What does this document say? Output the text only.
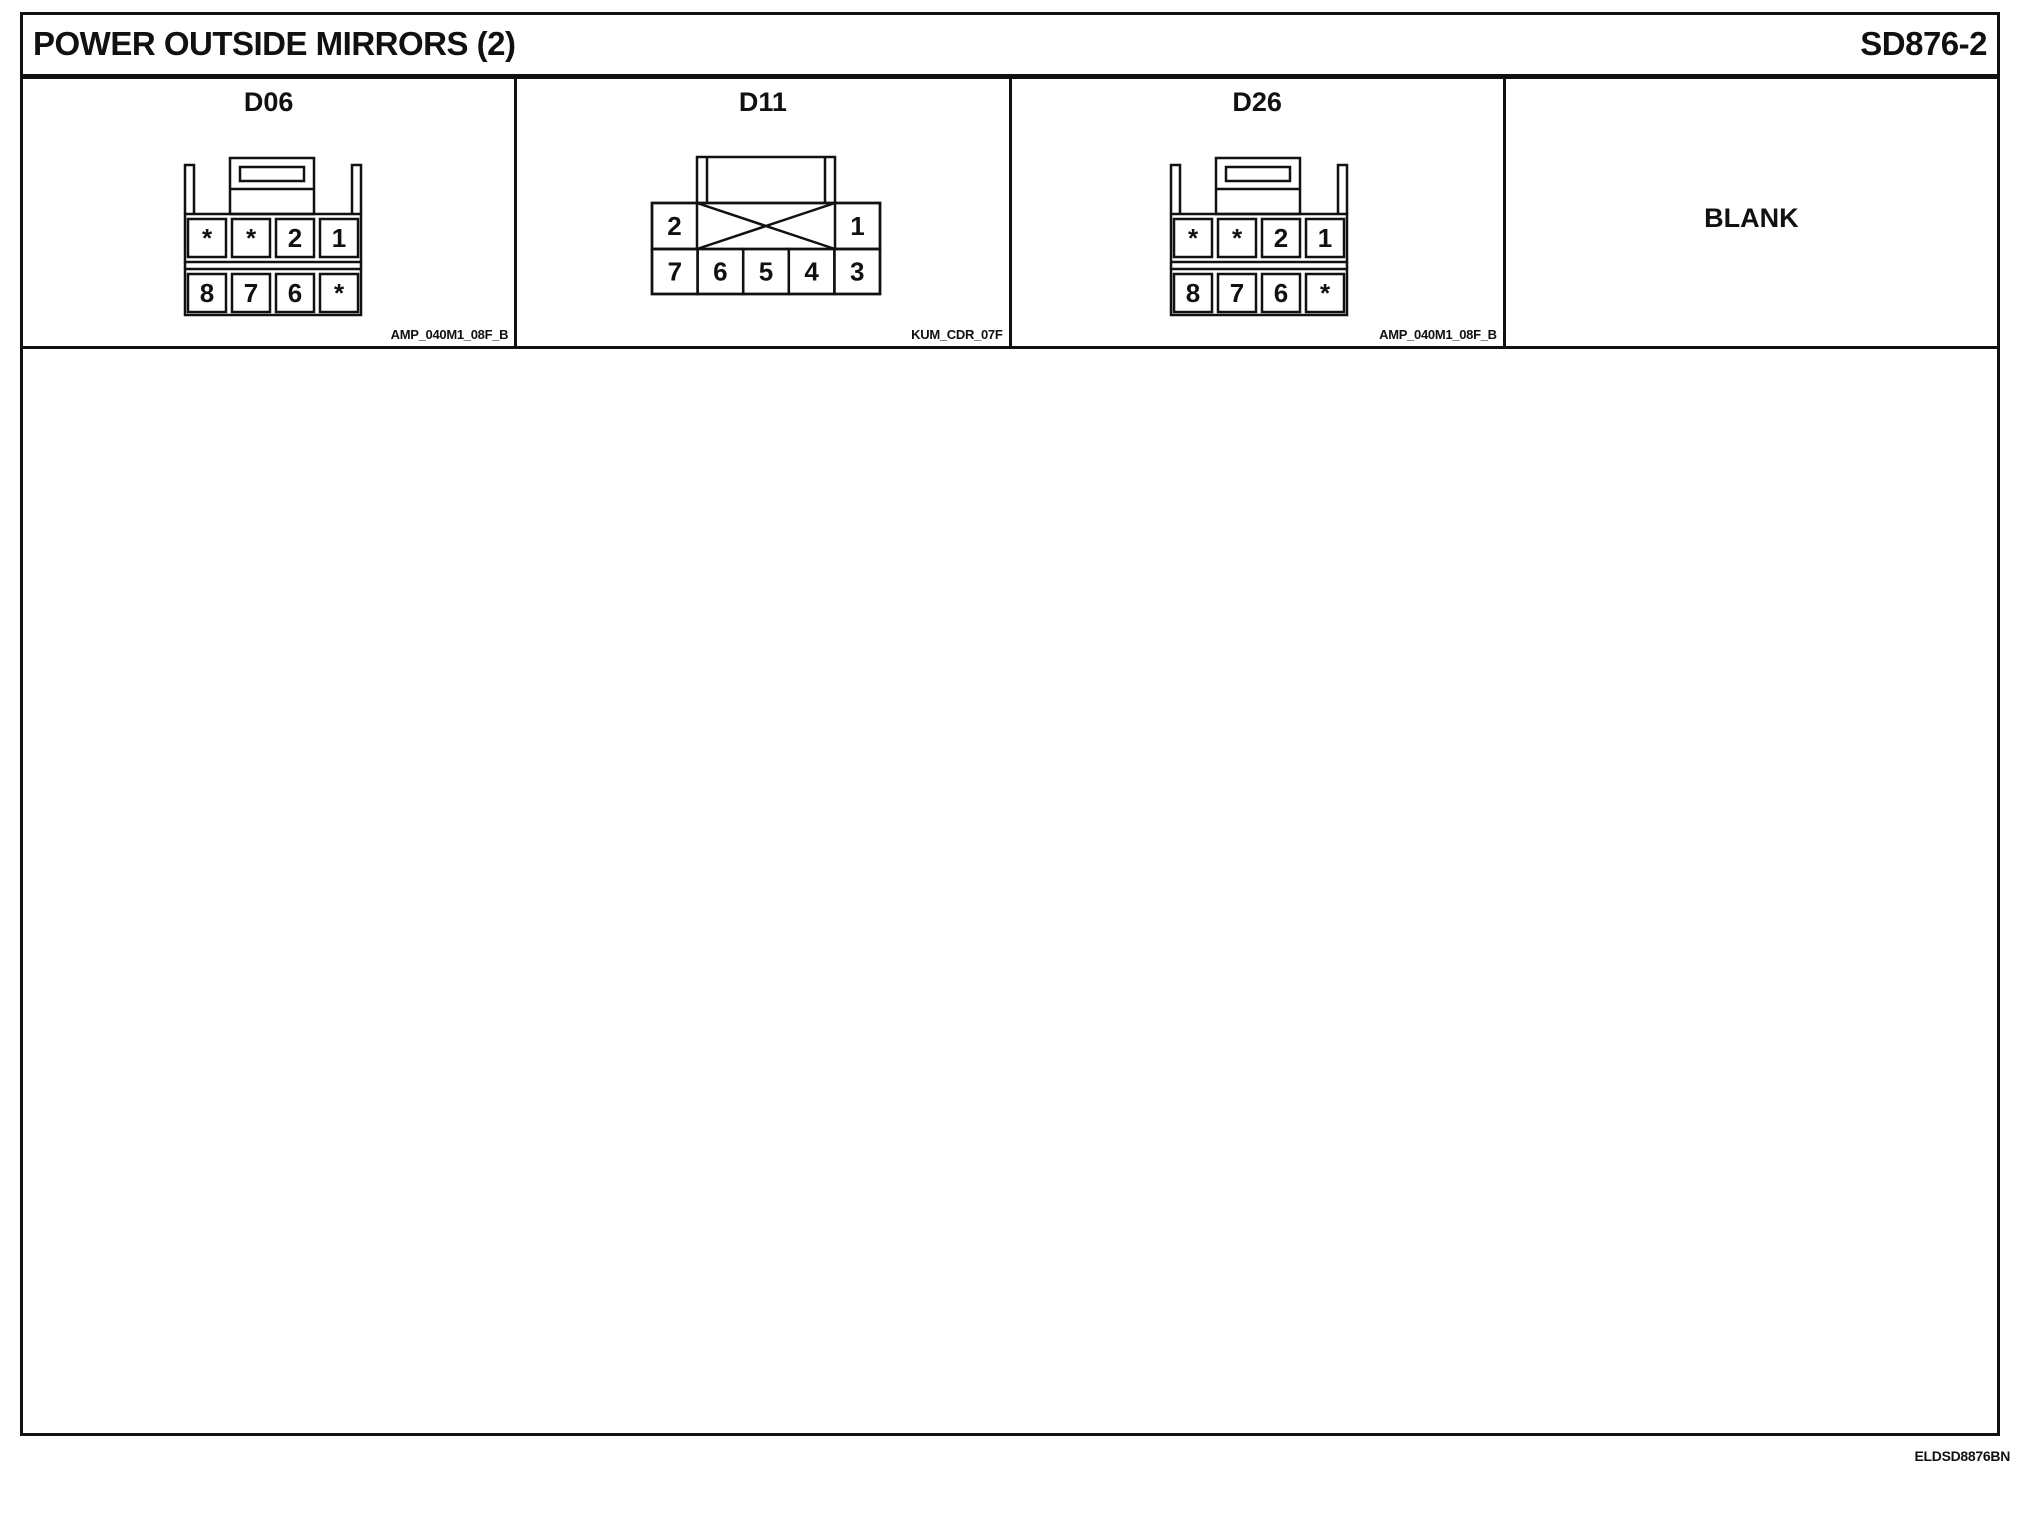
POWER OUTSIDE MIRRORS (2)	SD876-2
D06
* * 2 1
8 7 6 *
AMP_040M1_08F_B
D11
2	1
7 6 5 4 3
KUM_CDR_07F
D26
* * 2 1
8 7 6 *
AMP_040M1_08F_B
BLANK
ELDSD8876BN
